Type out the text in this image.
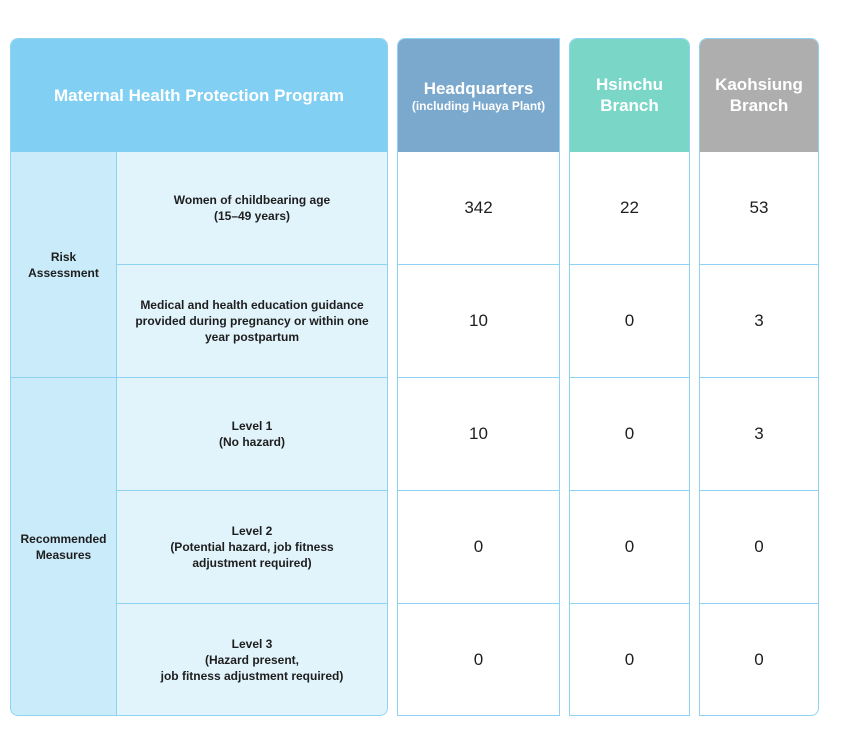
Maternal Health Protection Program
Risk
Assessment
Recommended
Measures
Women of childbearing age
(15–49 years)
Medical and health education guidance
provided during pregnancy or within one
year postpartum
Level 1
(No hazard)
Level 2
(Potential hazard, job fitness
adjustment required)
Level 3
(Hazard present,
job fitness adjustment required)
Headquarters
(including Huaya Plant)
342
10
10
0
0
Hsinchu
Branch
22
0
0
0
0
Kaohsiung
Branch
53
3
3
0
0
